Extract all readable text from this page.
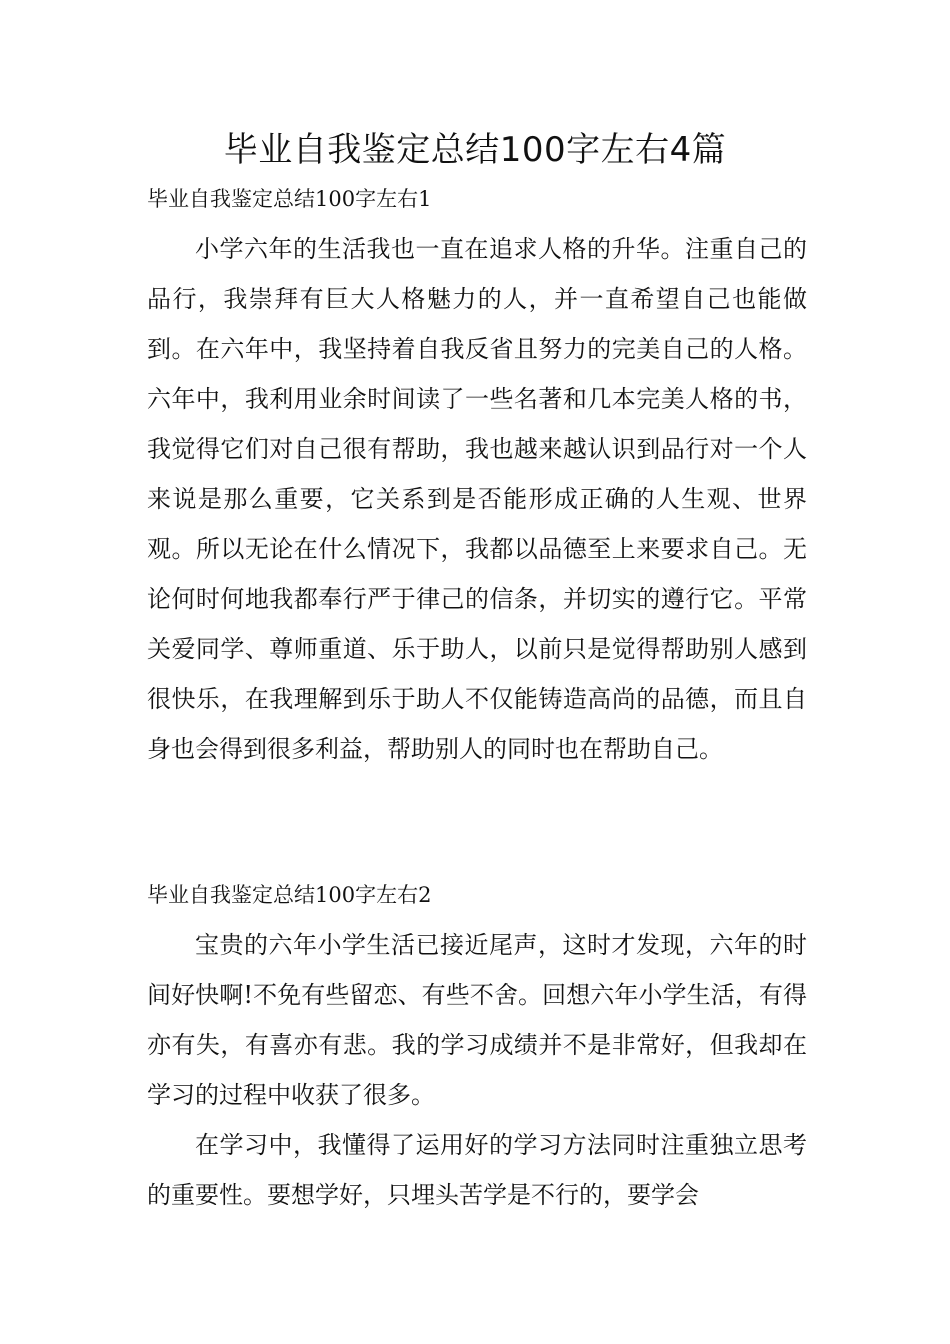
毕业自我鉴定总结100字左右4篇
毕业自我鉴定总结100字左右1

小学六年的生活我也一直在追求人格的升华。注重自己的品行，我崇拜有巨大人格魅力的人，并一直希望自己也能做到。在六年中，我坚持着自我反省且努力的完美自己的人格。六年中，我利用业余时间读了一些名著和几本完美人格的书，我觉得它们对自己很有帮助，我也越来越认识到品行对一个人来说是那么重要，它关系到是否能形成正确的人生观、世界观。所以无论在什么情况下，我都以品德至上来要求自己。无论何时何地我都奉行严于律己的信条，并切实的遵行它。平常关爱同学、尊师重道、乐于助人，以前只是觉得帮助别人感到很快乐，在我理解到乐于助人不仅能铸造高尚的品德，而且自身也会得到很多利益，帮助别人的同时也在帮助自己。

毕业自我鉴定总结100字左右2

宝贵的六年小学生活已接近尾声，这时才发现，六年的时间好快啊!不免有些留恋、有些不舍。回想六年小学生活，有得亦有失，有喜亦有悲。我的学习成绩并不是非常好，但我却在学习的过程中收获了很多。

在学习中，我懂得了运用好的学习方法同时注重独立思考的重要性。要想学好，只埋头苦学是不行的，要学会
